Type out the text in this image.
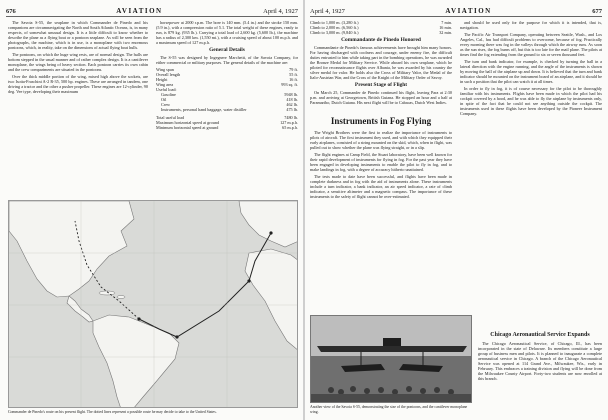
676	AVIATION	April 4, 1927

The Savoia S-55, the seaplane in which Commander de Pinedo and his companions are circumnavigating the North and South Atlantic Oceans, is, in many respects, of somewhat unusual design. It is a little difficult to know whether to describe the plane as a flying boat or a pontoon seaplane. As will be seen from the photographs, the machine, which is in use, is a monoplane with two enormous pontoons, which, in reality, take on the dimensions of actual flying boat hulls.

The pontoons, on which the huge wing rests, are of normal design. The hulls are bottom stepped in the usual manner and of rather complex design. It is a cantilever monoplane, the wings being of heavy section. Each pontoon carries its own cabin and the crew compartments are situated in the pontoons.

Over the thick middle portion of the wing, mixed high above the sockets, are two Isotta-Fraschini A-2 R-35, 500 hp. engines. These are arranged in tandem, one driving a tractor and the other a pusher propeller. These engines are 12-cylinder, 90 deg. Vee type, developing their maximum

horsepower at 2000 r.p.m. The bore is 140 mm. (5.4 in.) and the stroke 150 mm. (5.9 in.), with a compression ratio of 5.1. The total weight of these engines, ready to run, is 879 kg. (935 lb.). Carrying a total load of 2,600 kg. (5,600 lb.), the machine has a radius of 2,300 km. (1,550 mi.), with a cruising speed of about 100 m.p.h. and a maximum speed of 127 m.p.h.

General Details

The S-55 was designed by Ingegnere Marchetti, of the Savoia Company, for either commercial or military purposes. The general details of the machine are:

Wing span	79 ft.
Overall length	55 ft.
Height	16 ft.
Wing area	993 sq. ft.
Useful load:
Gasoline	5948 lb.
Oil	418 lb.
Crew	462 lb.
Instruments, personal hand baggage, water distiller	475 lb.
Total useful load	7480 lb.
Maximum horizontal speed at ground	127 m.p.h.
Minimum horizontal speed at ground	65 m.p.h.
Commander de Pinedo's route on his present flight. The dotted lines represent a possible route he may decide to take to the United States.
April 4, 1927	AVIATION	677
Climb to 1,000 m. (3,280 ft.)	7 min.
Climb to 2,000 m. (6,560 ft.)	16 min.
Climb to 3,000 m. (9,840 ft.)	32 min.
Commandante de Pinedo Honored

Commandante de Pinedo's famous achievements have brought him many honors. For having discharged with coolness and courage, under enemy fire, the difficult duties entrusted to him while taking part in the bombing operations, he was awarded the Bronze Medal for Military Service. While aboard his own seaplane, which he piloted for reconnaissance flights over Albania, he was awarded by his country the silver medal for valor. He holds also the Cross of Military Valor, the Medal of the Italo-Austrian War, and the Cross of the Knight of the Military Order of Savoy.

Present Stage of Flight

On March 25, Commander de Pinedo continued his flight, leaving Para at 2:30 p.m. and arriving at Georgetown, British Guiana. He stopped an hour and a half at Paramaribo, Dutch Guiana. His next flight will be to Cabacas, Dutch West Indies.

Instruments in Fog Flying

The Wright Brothers were the first to realize the importance of instruments to pilots of aircraft. The first instrument they used, and with which they equipped their early airplanes, consisted of a string mounted on the skid, which, when in flight, was pulled out to show whether the plane was flying straight, or in a slip.

The flight engines at Camp Field, the Stuart laboratory, have been well known for their rapid development of instruments for flying in fog. For the past year they have been engaged in developing instruments to enable the pilot to fly in fog, and to make landings in fog, with a degree of accuracy hitherto unattained.

The tests made to date have been successful, and flights have been made in complete darkness and in fog with the aid of instruments alone. These instruments include a turn indicator, a bank indicator, an air speed indicator, a rate of climb indicator, a sensitive altimeter and a magnetic compass. The importance of these instruments to the safety of flight cannot be over-estimated.

and should be used only for the purpose for which it is intended, that is, navigation.

The Pacific Air Transport Company, operating between Seattle, Wash., and Los Angeles, Cal., has had difficult problems to overcome, because of fog. Practically every morning there was fog in the valleys through which the airway runs. As soon as the sun rises, the fog burns off, but this is too late for the mail plane. The pilots at times find the fog extending from the ground to six or seven thousand feet.

The turn and bank indicator, for example, is checked by turning the ball in a lateral direction with the engine running, and the angle of the instruments is shown by moving the ball of the airplane up and down. It is believed that the turn and bank indicator should be mounted on the instrument board of an airplane, and it should be in such a position that the pilot can watch it at all times.

In order to fly in fog, it is of course necessary for the pilot to be thoroughly familiar with his instruments. Flights have been made in which the pilot had his cockpit covered by a hood, and he was able to fly the airplane by instruments only, in spite of the fact that he could not see anything outside the cockpit. The instruments used in these flights have been developed by the Pioneer Instrument Company.

Chicago Aeronautical Service Expands

The Chicago Aeronautical Service, of Chicago, Ill., has been incorporated in the state of Delaware. Its members constitute a large group of business men and pilots. It is planned to inaugurate a complete aeronautical service in Chicago. A branch of the Chicago Aeronautical Service was opened at 114 Grand Ave., Milwaukee, Wis., early in February. This embraces a training division and flying will be done from the Milwaukee County Airport. Forty-two students are now enrolled at this branch.

Another view of the Savoia S-55, demonstrating the size of the pontoons, and the cantilever monoplane wing.
